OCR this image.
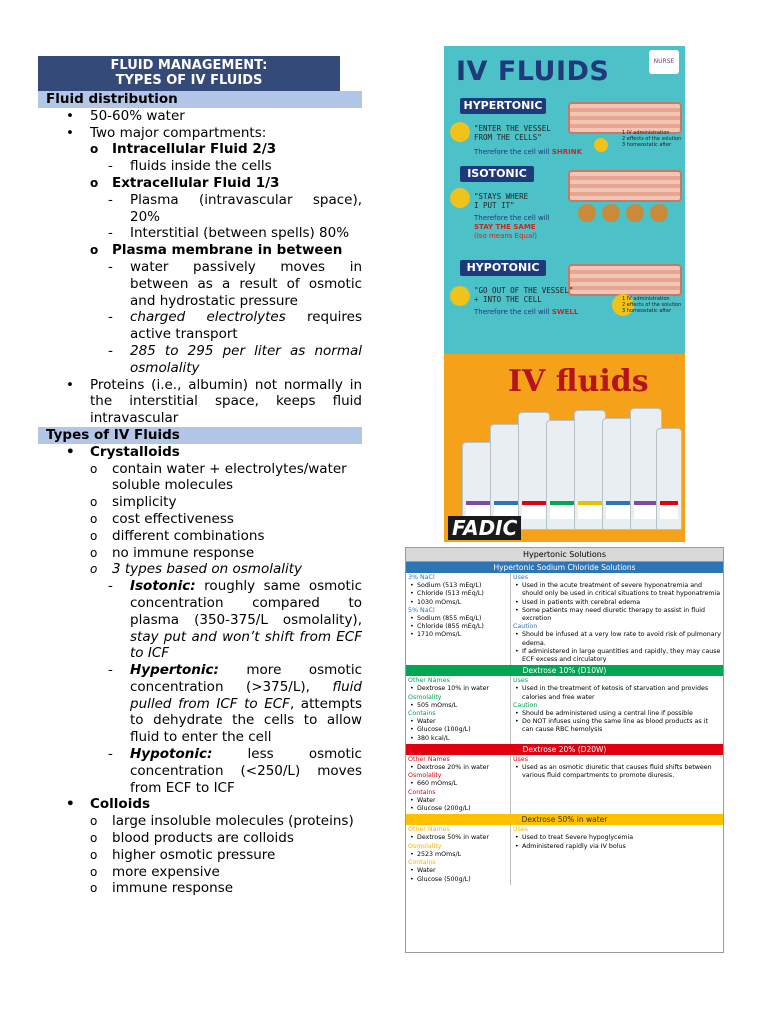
FLUID MANAGEMENT:
TYPES OF IV FLUIDS
Fluid distribution
• 50-60% water
• Two major compartments:
o Intracellular Fluid 2/3
- fluids inside the cells
o Extracellular Fluid 1/3
- Plasma (intravascular space), 20%
- Interstitial (between spells) 80%
o Plasma membrane in between
- water passively moves in between as a result of osmotic and hydrostatic pressure
- charged electrolytes requires active transport
- 285 to 295 per liter as normal osmolality
• Proteins (i.e., albumin) not normally in the interstitial space, keeps fluid intravascular
Types of IV Fluids
• Crystalloids
o contain water + electrolytes/water soluble molecules
o simplicity
o cost effectiveness
o different combinations
o no immune response
o 3 types based on osmolality
- Isotonic: roughly same osmotic concentration compared to plasma (350-375/L osmolality), stay put and won’t shift from ECF to ICF
- Hypertonic: more osmotic concentration (>375/L), fluid pulled from ICF to ECF, attempts to dehydrate the cells to allow fluid to enter the cell
- Hypotonic: less osmotic concentration (<250/L) moves from ECF to ICF
• Colloids
o large insoluble molecules (proteins)
o blood products are colloids
o higher osmotic pressure
o more expensive
o immune response
IV FLUIDS	NURSE
HYPERTONIC
"ENTER THE VESSEL
FROM THE CELLS"
Therefore the cell will SHRINK
1 IV administration
2 effects of the solution
3 homeostatic after
ISOTONIC
"STAYS WHERE
I PUT IT"
Therefore the cell will
STAY THE SAME
(Iso means Equal)
HYPOTONIC
"GO OUT OF THE VESSEL"
+ INTO THE CELL
Therefore the cell will SWELL
1 IV administration
2 effects of the solution
3 homeostatic after
IV fluids
FADIC
Hypertonic Solutions
Hypertonic Sodium Chloride Solutions
3% NaCl
• Sodium (513 mEq/L)
• Chloride (513 mEq/L)
• 1030 mOms/L
5% NaCl
• Sodium (855 mEq/L)
• Chloride (855 mEq/L)
• 1710 mOms/L
Uses
• Used in the acute treatment of severe hyponatremia and should only be used in critical situations to treat hyponatremia
• Used in patients with cerebral edema
• Some patients may need diuretic therapy to assist in fluid excretion
Caution
• Should be infused at a very low rate to avoid risk of pulmonary edema.
• If administered in large quantities and rapidly, they may cause ECF excess and circulatory
Dextrose 10% (D10W)
Other Names
• Dextrose 10% in water
Osmolality
• 505 mOms/L
Contains
• Water
• Glucose (100g/L)
• 380 kcal/L
Uses
• Used in the treatment of ketosis of starvation and provides calories and free water
Caution
• Should be administered using a central line if possible
• Do NOT infuses using the same line as blood products as it can cause RBC hemolysis
Dextrose 20% (D20W)
Other Names
• Dextrose 20% in water
Osmolality
• 660 mOms/L
Contains
• Water
• Glucose (200g/L)
Uses
• Used as an osmotic diuretic that causes fluid shifts between various fluid compartments to promote diuresis.
Dextrose 50% in water
Other Names
• Dextrose 50% in water
Osmolality
• 2523 mOms/L
Contains
• Water
• Glucose (500g/L)
Uses
• Used to treat Severe hypoglycemia
• Administered rapidly via IV bolus
